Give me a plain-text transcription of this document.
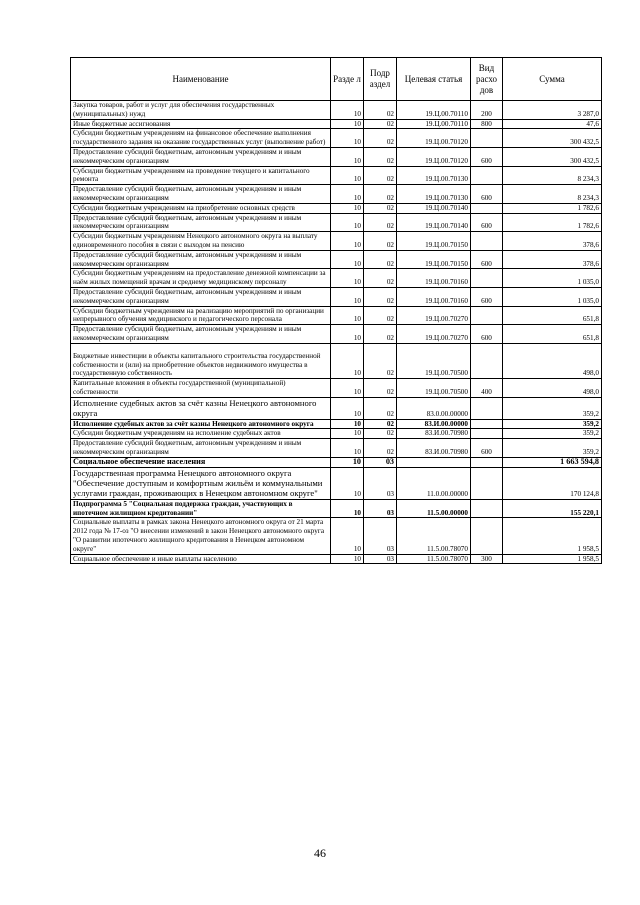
Наименование	Разде л	Подр аздел	Целевая статья	Вид расхо дов	Сумма
Закупка товаров, работ и услуг для обеспечения государственных (муниципальных) нужд	10	02	19.Ц.00.70110	200	3 287,0
Иные бюджетные ассигнования	10	02	19.Ц.00.70110	800	47,6
Субсидии бюджетным учреждениям на финансовое обеспечение выполнения государственного задания на оказание государственных услуг (выполнение работ)	10	02	19.Ц.00.70120		300 432,5
Предоставление субсидий бюджетным, автономным учреждениям и иным некоммерческим организациям	10	02	19.Ц.00.70120	600	300 432,5
Субсидии бюджетным учреждениям на проведение текущего и капитального ремонта	10	02	19.Ц.00.70130		8 234,3
Предоставление субсидий бюджетным, автономным учреждениям и иным некоммерческим организациям	10	02	19.Ц.00.70130	600	8 234,3
Субсидии бюджетным учреждениям на приобретение основных средств	10	02	19.Ц.00.70140		1 782,6
Предоставление субсидий бюджетным, автономным учреждениям и иным некоммерческим организациям	10	02	19.Ц.00.70140	600	1 782,6
Субсидии бюджетным учреждениям Ненецкого автономного округа на выплату единовременного пособия в связи с выходом на пенсию	10	02	19.Ц.00.70150		378,6
Предоставление субсидий бюджетным, автономным учреждениям и иным некоммерческим организациям	10	02	19.Ц.00.70150	600	378,6
Субсидии бюджетным учреждениям на предоставление денежной компенсации за наём жилых помещений врачам и среднему медицинскому персоналу	10	02	19.Ц.00.70160		1 035,0
Предоставление субсидий бюджетным, автономным учреждениям и иным некоммерческим организациям	10	02	19.Ц.00.70160	600	1 035,0
Субсидии бюджетным учреждениям на реализацию мероприятий по организации непрерывного обучения медицинского и педагогического персонала	10	02	19.Ц.00.70270		651,8
Предоставление субсидий бюджетным, автономным учреждениям и иным некоммерческим организациям	10	02	19.Ц.00.70270	600	651,8
Бюджетные инвестиции в объекты капитального строительства государственной собственности и (или) на приобретение объектов недвижимого имущества в государственную собственность	10	02	19.Ц.00.70500		498,0
Капитальные вложения в объекты государственной (муниципальной) собственности	10	02	19.Ц.00.70500	400	498,0
Исполнение судебных актов за счёт казны Ненецкого автономного округа	10	02	83.0.00.00000		359,2
Исполнение судебных актов за счёт казны Ненецкого автономного округа	10	02	83.И.00.00000		359,2
Субсидии бюджетным учреждениям на исполнение судебных актов	10	02	83.И.00.70980		359,2
Предоставление субсидий бюджетным, автономным учреждениям и иным некоммерческим организациям	10	02	83.И.00.70980	600	359,2
Социальное обеспечение населения	10	03			1 663 594,8
Государственная программа Ненецкого автономного округа "Обеспечение доступным и комфортным жильём и коммунальными услугами граждан, проживающих в Ненецком автономном округе"	10	03	11.0.00.00000		170 124,8
Подпрограмма 5 "Социальная поддержка граждан, участвующих в ипотечном жилищном кредитовании"	10	03	11.5.00.00000		155 220,1
Социальные выплаты в рамках закона Ненецкого автономного округа от 21 марта 2012 года № 17-оз "О внесении изменений в закон Ненецкого автономного округа "О развитии ипотечного жилищного кредитования в Ненецком автономном округе"	10	03	11.5.00.78070		1 958,5
Социальное обеспечение и иные выплаты населению	10	03	11.5.00.78070	300	1 958,5
46
